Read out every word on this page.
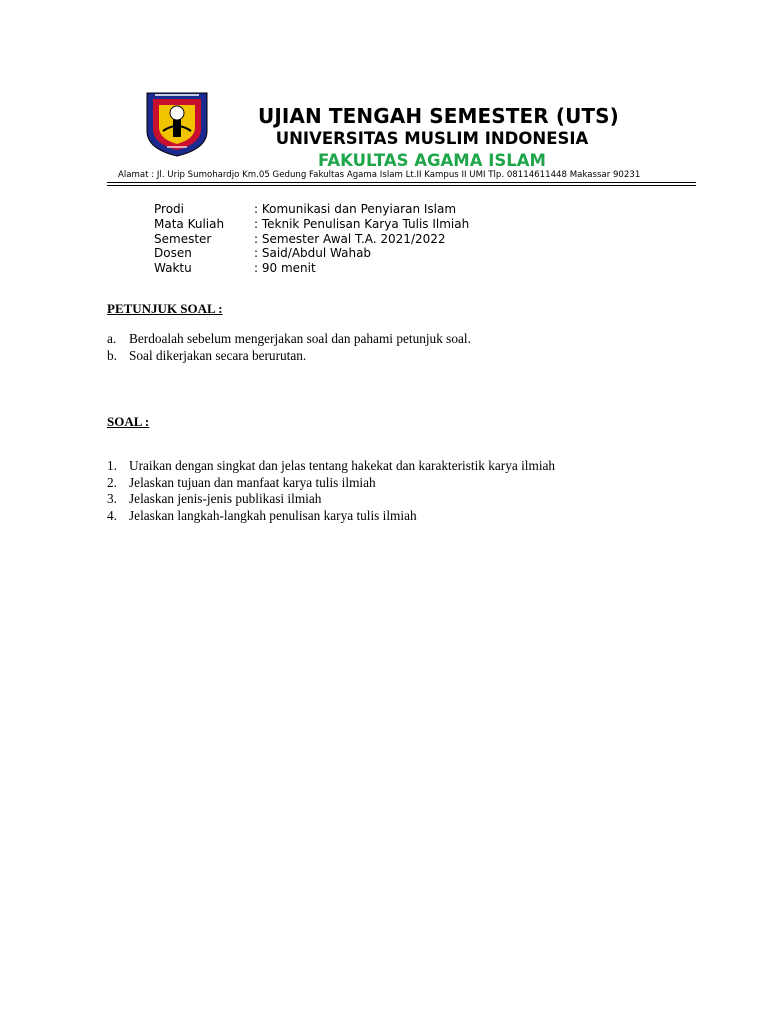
UJIAN TENGAH SEMESTER (UTS)
UNIVERSITAS MUSLIM INDONESIA
FAKULTAS AGAMA ISLAM
Alamat : Jl. Urip Sumohardjo Km.05 Gedung Fakultas Agama Islam Lt.II Kampus II UMI Tlp. 08114611448 Makassar 90231
Prodi	: Komunikasi dan Penyiaran Islam
Mata Kuliah	: Teknik Penulisan Karya Tulis Ilmiah
Semester	: Semester Awal T.A. 2021/2022
Dosen	: Said/Abdul Wahab
Waktu	: 90 menit
PETUNJUK SOAL :
a. Berdoalah sebelum mengerjakan soal dan pahami petunjuk soal.
b. Soal dikerjakan secara berurutan.
SOAL :
1. Uraikan dengan singkat dan jelas tentang hakekat dan karakteristik karya ilmiah
2. Jelaskan tujuan dan manfaat karya tulis ilmiah
3. Jelaskan jenis-jenis publikasi ilmiah
4. Jelaskan langkah-langkah penulisan karya tulis ilmiah
